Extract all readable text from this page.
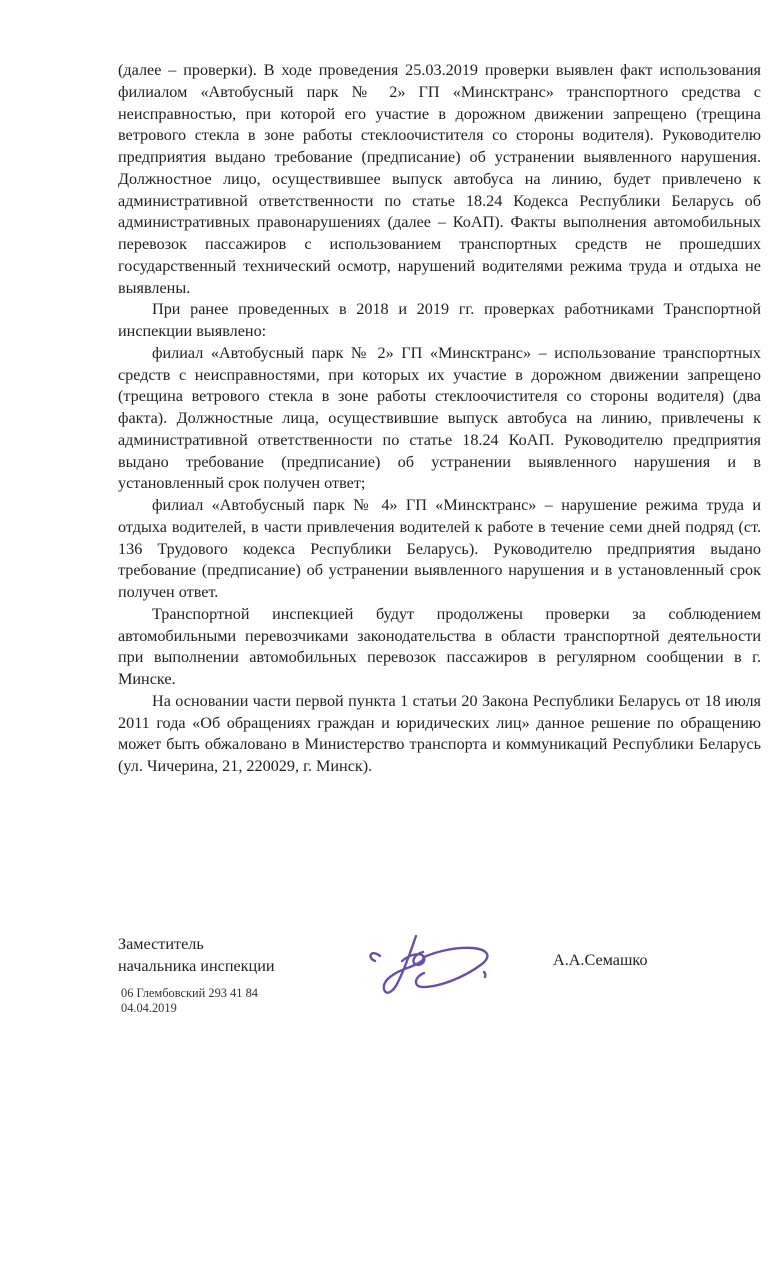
(далее – проверки). В ходе проведения 25.03.2019 проверки выявлен факт использования филиалом «Автобусный парк № 2» ГП «Минсктранс» транспортного средства с неисправностью, при которой его участие в дорожном движении запрещено (трещина ветрового стекла в зоне работы стеклоочистителя со стороны водителя). Руководителю предприятия выдано требование (предписание) об устранении выявленного нарушения. Должностное лицо, осуществившее выпуск автобуса на линию, будет привлечено к административной ответственности по статье 18.24 Кодекса Республики Беларусь об административных правонарушениях (далее – КоАП). Факты выполнения автомобильных перевозок пассажиров с использованием транспортных средств не прошедших государственный технический осмотр, нарушений водителями режима труда и отдыха не выявлены.

При ранее проведенных в 2018 и 2019 гг. проверках работниками Транспортной инспекции выявлено:

филиал «Автобусный парк № 2» ГП «Минсктранс» – использование транспортных средств с неисправностями, при которых их участие в дорожном движении запрещено (трещина ветрового стекла в зоне работы стеклоочистителя со стороны водителя) (два факта). Должностные лица, осуществившие выпуск автобуса на линию, привлечены к административной ответственности по статье 18.24 КоАП. Руководителю предприятия выдано требование (предписание) об устранении выявленного нарушения и в установленный срок получен ответ;

филиал «Автобусный парк № 4» ГП «Минсктранс» – нарушение режима труда и отдыха водителей, в части привлечения водителей к работе в течение семи дней подряд (ст. 136 Трудового кодекса Республики Беларусь). Руководителю предприятия выдано требование (предписание) об устранении выявленного нарушения и в установленный срок получен ответ.

Транспортной инспекцией будут продолжены проверки за соблюдением автомобильными перевозчиками законодательства в области транспортной деятельности при выполнении автомобильных перевозок пассажиров в регулярном сообщении в г. Минске.

На основании части первой пункта 1 статьи 20 Закона Республики Беларусь от 18 июля 2011 года «Об обращениях граждан и юридических лиц» данное решение по обращению может быть обжаловано в Министерство транспорта и коммуникаций Республики Беларусь (ул. Чичерина, 21, 220029, г. Минск).

Заместитель
начальника инспекции	А.А.Семашко
06 Глембовский 293 41 84
04.04.2019
